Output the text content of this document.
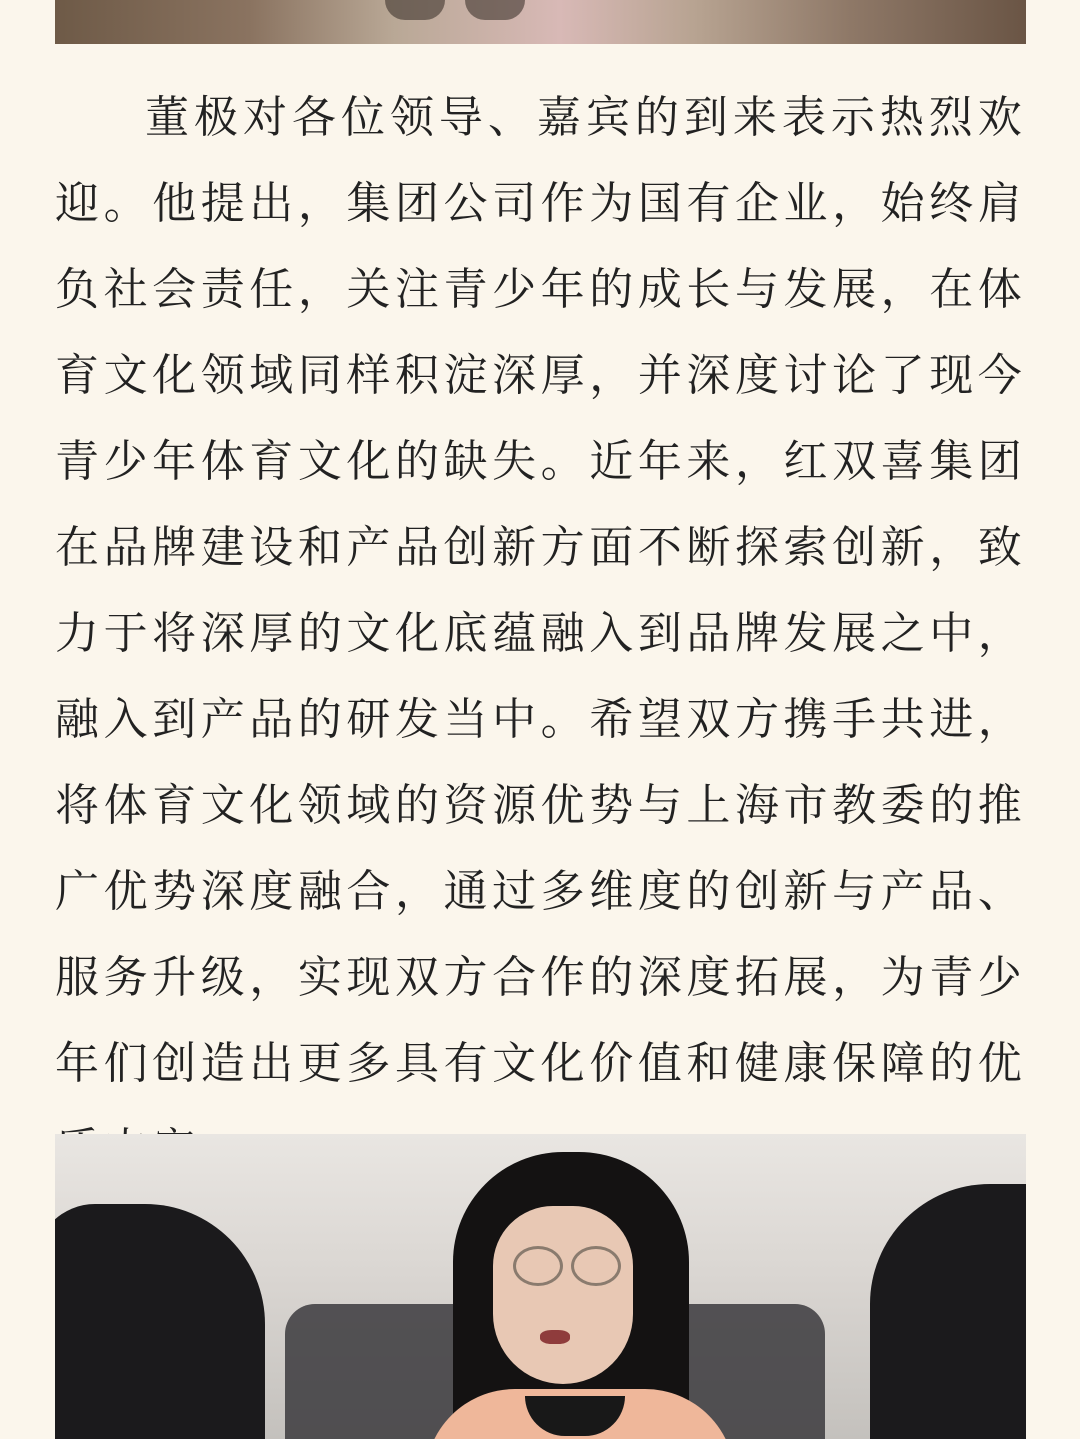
董极对各位领导、嘉宾的到来表示热烈欢迎。他提出，集团公司作为国有企业，始终肩负社会责任，关注青少年的成长与发展，在体育文化领域同样积淀深厚，并深度讨论了现今青少年体育文化的缺失。近年来，红双喜集团在品牌建设和产品创新方面不断探索创新，致力于将深厚的文化底蕴融入到品牌发展之中，融入到产品的研发当中。希望双方携手共进，将体育文化领域的资源优势与上海市教委的推广优势深度融合，通过多维度的创新与产品、服务升级，实现双方合作的深度拓展，为青少年们创造出更多具有文化价值和健康保障的优
